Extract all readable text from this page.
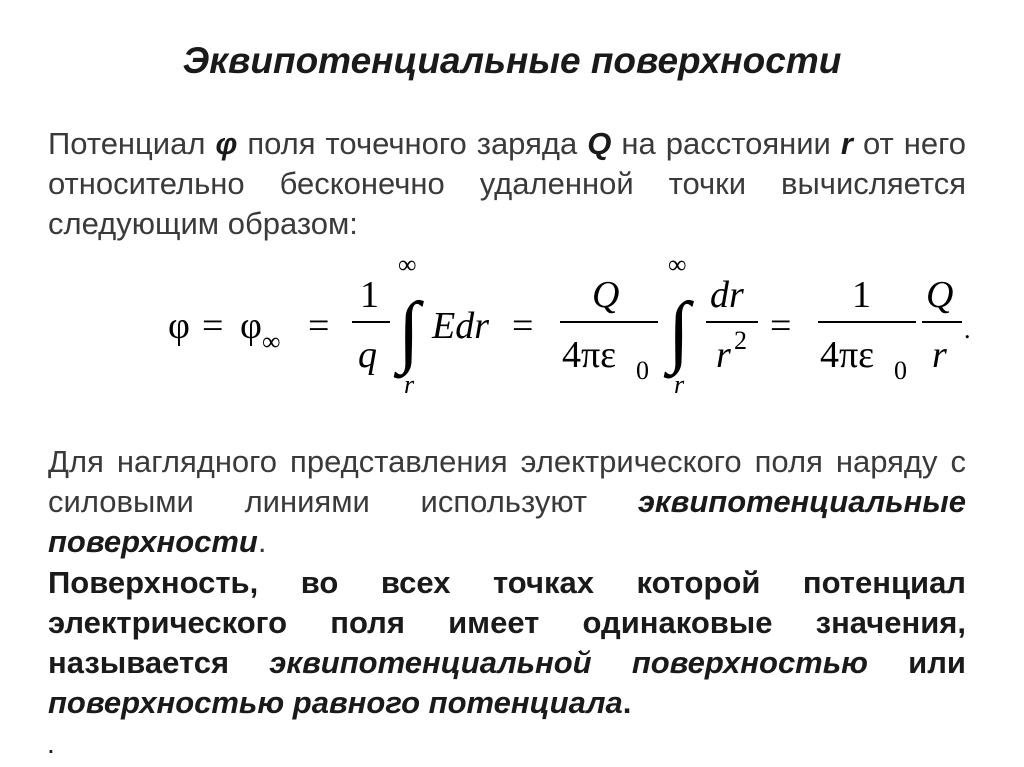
Эквипотенциальные поверхности
Потенциал φ поля точечного заряда Q на расстоянии r от него относительно бесконечно удаленной точки вычисляется следующим образом:
φ = φ ∞ =
1
q ∫
∞
r
Edr =
Q
4πε 0 ∫
∞
r
dr
r 2 =
1
4πε 0
Q
r
.
Для наглядного представления электрического поля наряду с силовыми линиями используют эквипотенциальные поверхности.
Поверхность, во всех точках которой потенциал электрического поля имеет одинаковые значения, называется эквипотенциальной поверхностью или поверхностью равного потенциала.
.
